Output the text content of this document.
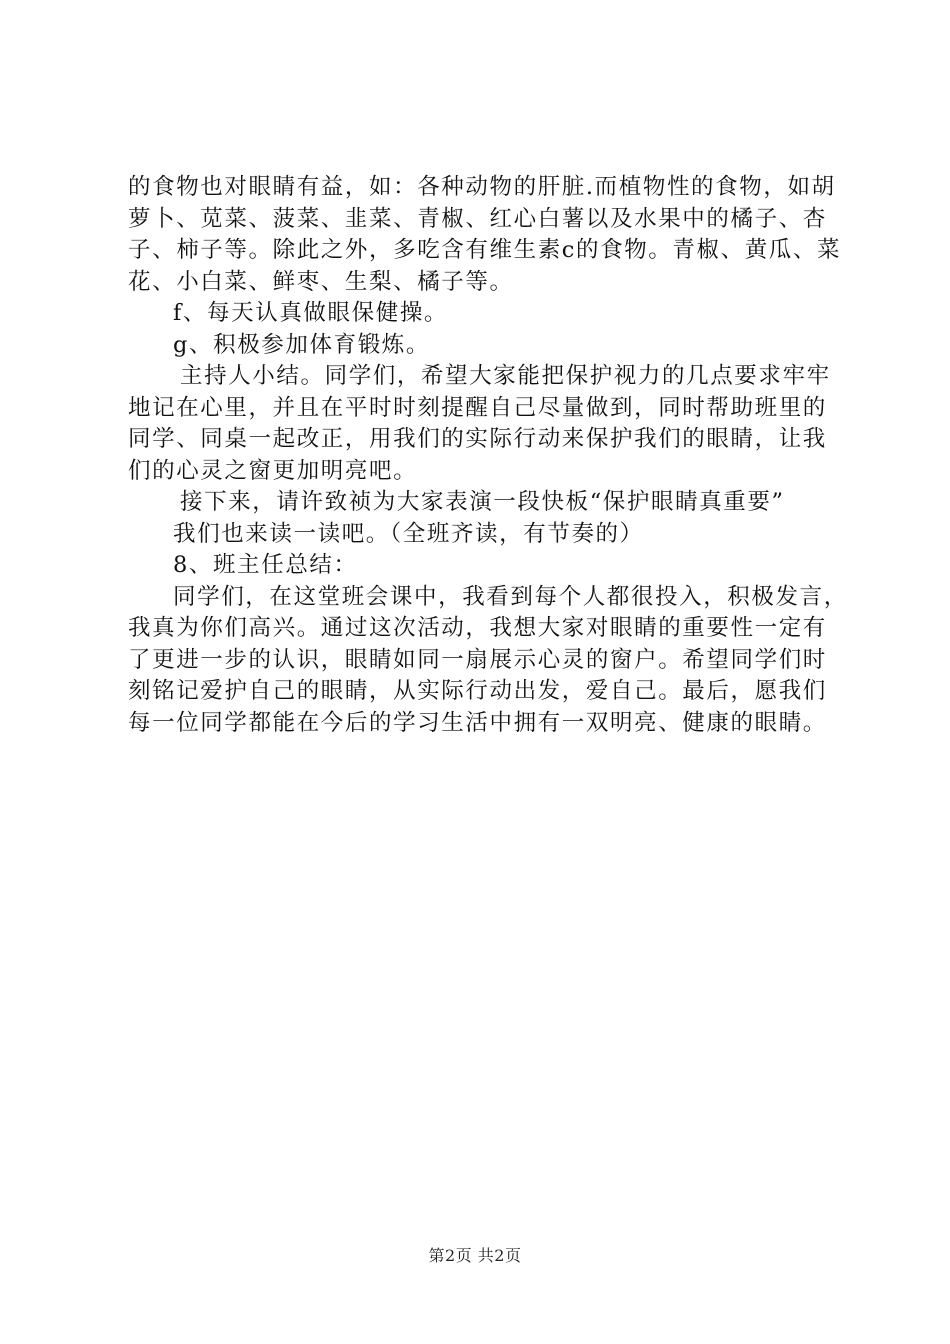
的食物也对眼睛有益，如：各种动物的肝脏.而植物性的食物，如胡萝卜、苋菜、菠菜、韭菜、青椒、红心白薯以及水果中的橘子、杏子、柿子等。除此之外，多吃含有维生素c的食物。青椒、黄瓜、菜花、小白菜、鲜枣、生梨、橘子等。

f、每天认真做眼保健操。

g、积极参加体育锻炼。

主持人小结。同学们，希望大家能把保护视力的几点要求牢牢地记在心里，并且在平时时刻提醒自己尽量做到，同时帮助班里的同学、同桌一起改正，用我们的实际行动来保护我们的眼睛，让我们的心灵之窗更加明亮吧。

接下来，请许致祯为大家表演一段快板“保护眼睛真重要”

我们也来读一读吧。（全班齐读，有节奏的）

8、班主任总结：

同学们，在这堂班会课中，我看到每个人都很投入，积极发言，我真为你们高兴。通过这次活动，我想大家对眼睛的重要性一定有了更进一步的认识，眼睛如同一扇展示心灵的窗户。希望同学们时刻铭记爱护自己的眼睛，从实际行动出发，爱自己。最后，愿我们每一位同学都能在今后的学习生活中拥有一双明亮、健康的眼睛。

第2页 共2页
